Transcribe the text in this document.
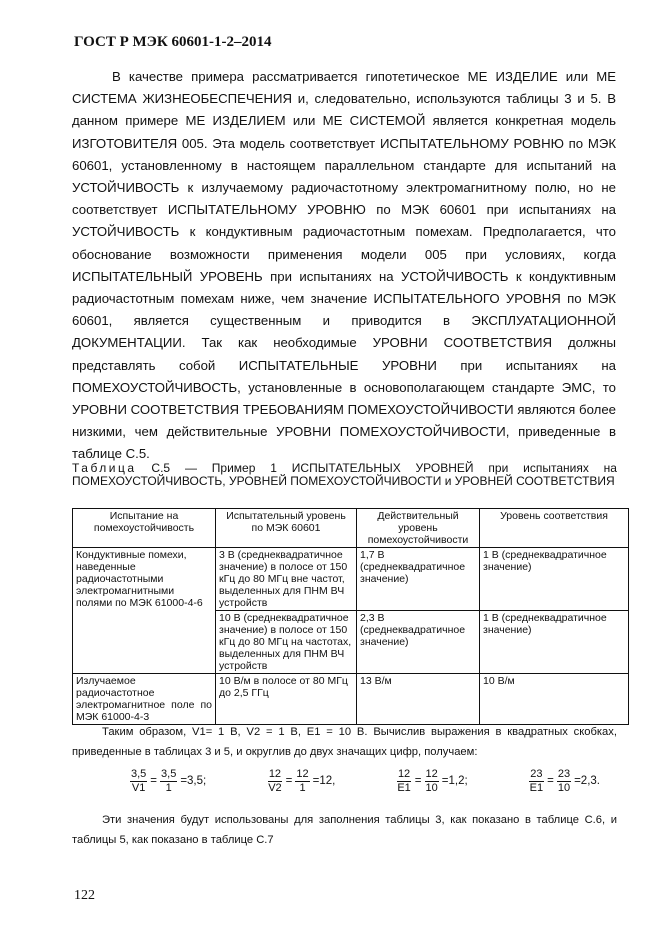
ГОСТ Р МЭК 60601-1-2–2014

В качестве примера рассматривается гипотетическое МЕ ИЗДЕЛИЕ или МЕ СИСТЕМА ЖИЗНЕОБЕСПЕЧЕНИЯ и, следовательно, используются таблицы 3 и 5. В данном примере МЕ ИЗДЕЛИЕМ или МЕ СИСТЕМОЙ является конкретная модель ИЗГОТОВИТЕЛЯ 005. Эта модель соответствует ИСПЫТАТЕЛЬНОМУ РОВНЮ по МЭК 60601, установленному в настоящем параллельном стандарте для испытаний на УСТОЙЧИВОСТЬ к излучаемому радиочастотному электромагнитному полю, но не соответствует ИСПЫТАТЕЛЬНОМУ УРОВНЮ по МЭК 60601 при испытаниях на УСТОЙЧИВОСТЬ к кондуктивным радиочастотным помехам. Предполагается, что обоснование возможности применения модели 005 при условиях, когда ИСПЫТАТЕЛЬНЫЙ УРОВЕНЬ при испытаниях на УСТОЙЧИВОСТЬ к кондуктивным радиочастотным помехам ниже, чем значение ИСПЫТАТЕЛЬНОГО УРОВНЯ по МЭК 60601, является существенным и приводится в ЭКСПЛУАТАЦИОННОЙ ДОКУМЕНТАЦИИ. Так как необходимые УРОВНИ СООТВЕТСТВИЯ должны представлять собой ИСПЫТАТЕЛЬНЫЕ УРОВНИ при испытаниях на ПОМЕХОУСТОЙЧИВОСТЬ, установленные в основополагающем стандарте ЭМС, то УРОВНИ СООТВЕТСТВИЯ ТРЕБОВАНИЯМ ПОМЕХОУСТОЙЧИВОСТИ являются более низкими, чем действительные УРОВНИ ПОМЕХОУСТОЙЧИВОСТИ, приведенные в таблице С.5.

Таблица С.5 — Пример 1 ИСПЫТАТЕЛЬНЫХ УРОВНЕЙ при испытаниях на ПОМЕХОУСТОЙЧИВОСТЬ, УРОВНЕЙ ПОМЕХОУСТОЙЧИВОСТИ и УРОВНЕЙ СООТВЕТСТВИЯ

Испытание на помехоустойчивость	Испытательный уровень по МЭК 60601	Действительный уровень помехоустойчивости	Уровень соответствия
Кондуктивные помехи, наведенные радиочастотными электромагнитными полями по МЭК 61000-4-6	3 В (среднеквадратичное значение) в полосе от 150 кГц до 80 МГц вне частот, выделенных для ПНМ ВЧ устройств	1,7 В (среднеквадратичное значение)	1 В (среднеквадратичное значение)
	10 В (среднеквадратичное значение) в полосе от 150 кГц до 80 МГц на частотах, выделенных для ПНМ ВЧ устройств	2,3 В (среднеквадратичное значение)	1 В (среднеквадратичное значение)
Излучаемое радиочастотное электромагнитное поле по МЭК 61000-4-3	10 В/м в полосе от 80 МГц до 2,5 ГГц	13 В/м	10 В/м

Таким образом, V1= 1 В, V2 = 1 В, E1 = 10 В. Вычислив выражения в квадратных скобках, приведенные в таблицах 3 и 5, и округлив до двух значащих цифр, получаем:

$\frac{3,5}{V1} = \frac{3,5}{1} =3,5$;	$\frac{12}{V2} = \frac{12}{1} =12$,	$\frac{12}{E1} = \frac{12}{10} =1,2$;	$\frac{23}{E1} = \frac{23}{10} =2,3$.

Эти значения будут использованы для заполнения таблицы 3, как показано в таблице С.6, и таблицы 5, как показано в таблице С.7

122
